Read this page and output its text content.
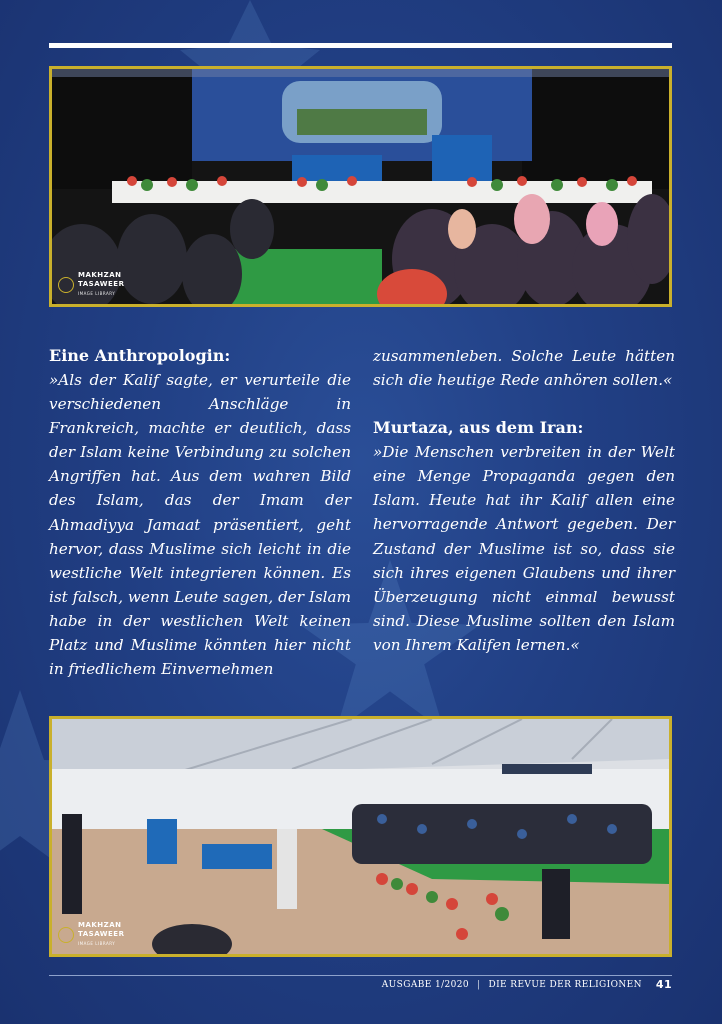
MAKHZAN
TASAWEER
IMAGE LIBRARY

Eine Anthropologin:

»Als der Kalif sagte, er verurteile die verschiedenen Anschläge in Frankreich, machte er deutlich, dass der Islam keine Verbindung zu solchen Angriffen hat. Aus dem wahren Bild des Islam, das der Imam der Ahmadiyya Jamaat präsentiert, geht hervor, dass Muslime sich leicht in die westliche Welt integrieren können. Es ist falsch, wenn Leute sagen, der Islam habe in der westlichen Welt keinen Platz und Muslime könnten hier nicht in friedlichem Einvernehmen

zusammenleben. Solche Leute hätten sich die heutige Rede anhören sollen.«

Murtaza, aus dem Iran:

»Die Menschen verbreiten in der Welt eine Menge Propaganda gegen den Islam. Heute hat ihr Kalif allen eine hervorragende Antwort gegeben. Der Zustand der Muslime ist so, dass sie sich ihres eigenen Glaubens und ihrer Überzeugung nicht einmal bewusst sind. Diese Muslime sollten den Islam von Ihrem Kalifen lernen.«

MAKHZAN
TASAWEER
IMAGE LIBRARY
AUSGABE 1/2020 | DIE REVUE DER RELIGIONEN 41
